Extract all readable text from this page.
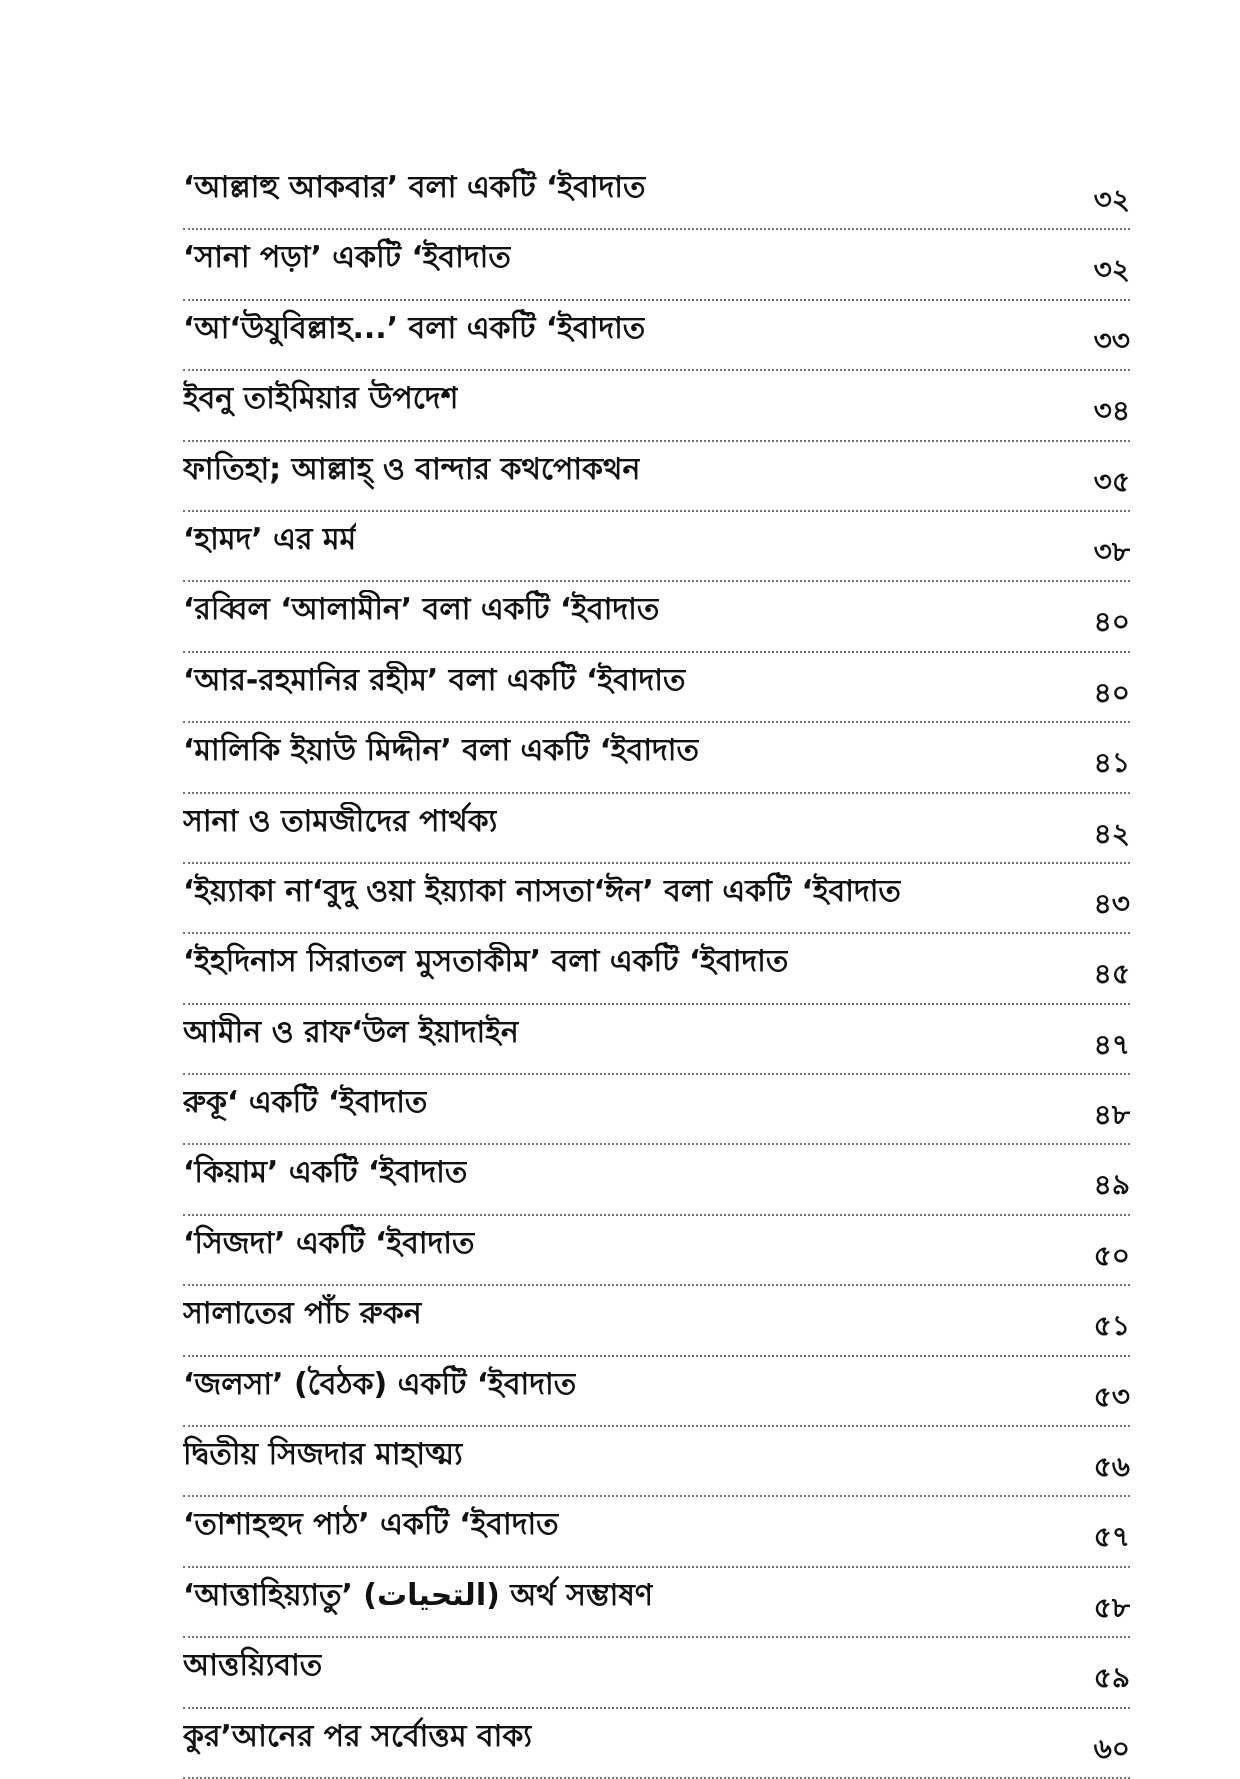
‘আল্লাহু আকবার’ বলা একটি ‘ইবাদাত	৩২
‘সানা পড়া’ একটি ‘ইবাদাত	৩২
‘আ‘উযুবিল্লাহ...’ বলা একটি ‘ইবাদাত	৩৩
ইবনু তাইমিয়ার উপদেশ	৩৪
ফাতিহা; আল্লাহ্ ও বান্দার কথপোকথন	৩৫
‘হামদ’ এর মর্ম	৩৮
‘রব্বিল ‘আলামীন’ বলা একটি ‘ইবাদাত	৪০
‘আর-রহমানির রহীম’ বলা একটি ‘ইবাদাত	৪০
‘মালিকি ইয়াউ মিদ্দীন’ বলা একটি ‘ইবাদাত	৪১
সানা ও তামজীদের পার্থক্য	৪২
‘ইয়্যাকা না‘বুদু ওয়া ইয়্যাকা নাসতা‘ঈন’ বলা একটি ‘ইবাদাত	৪৩
‘ইহদিনাস সিরাতল মুসতাকীম’ বলা একটি ‘ইবাদাত	৪৫
আমীন ও রাফ‘উল ইয়াদাইন	৪৭
রুকূ‘ একটি ‘ইবাদাত	৪৮
‘কিয়াম’ একটি ‘ইবাদাত	৪৯
‘সিজদা’ একটি ‘ইবাদাত	৫০
সালাতের পাঁচ রুকন	৫১
‘জলসা’ (বৈঠক) একটি ‘ইবাদাত	৫৩
দ্বিতীয় সিজদার মাহাত্ম্য	৫৬
‘তাশাহহুদ পাঠ’ একটি ‘ইবাদাত	৫৭
‘আত্তাহিয়্যাতু’ (التحيات) অর্থ সম্ভাষণ	৫৮
আত্তয়্যিবাত	৫৯
কুর’আনের পর সর্বোত্তম বাক্য	৬০
